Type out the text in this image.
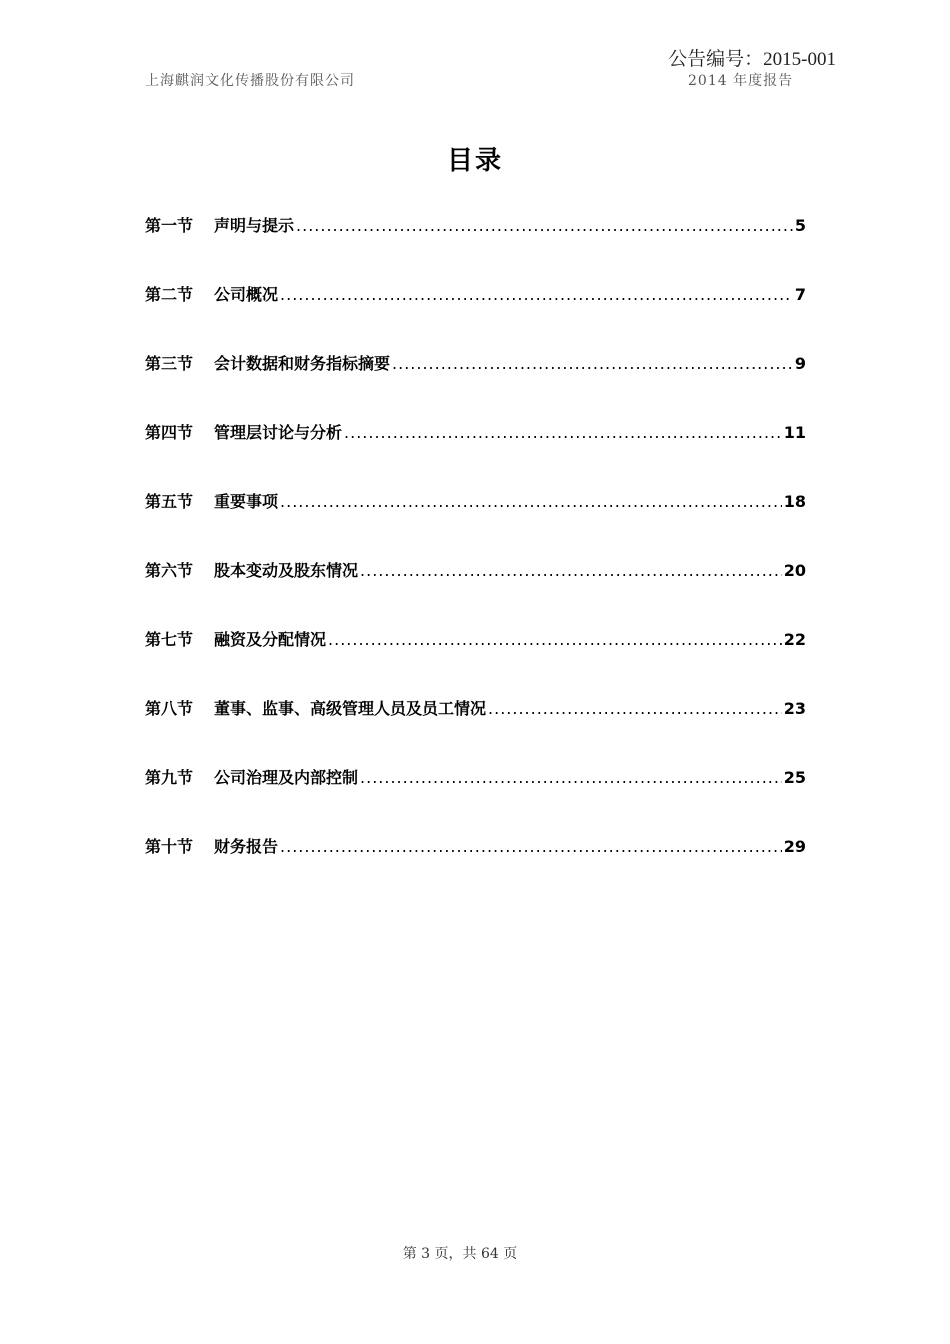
公告编号：2015-001
上海麒润文化传播股份有限公司	2014 年度报告
目录
第一节	声明与提示 .....	5
第二节	公司概况 .....	7
第三节	会计数据和财务指标摘要 .....	9
第四节	管理层讨论与分析 .....	11
第五节	重要事项 .....	18
第六节	股本变动及股东情况 .....	20
第七节	融资及分配情况 .....	22
第八节	董事、监事、高级管理人员及员工情况 .....	23
第九节	公司治理及内部控制 .....	25
第十节	财务报告 .....	29
第 3 页，共 64 页
